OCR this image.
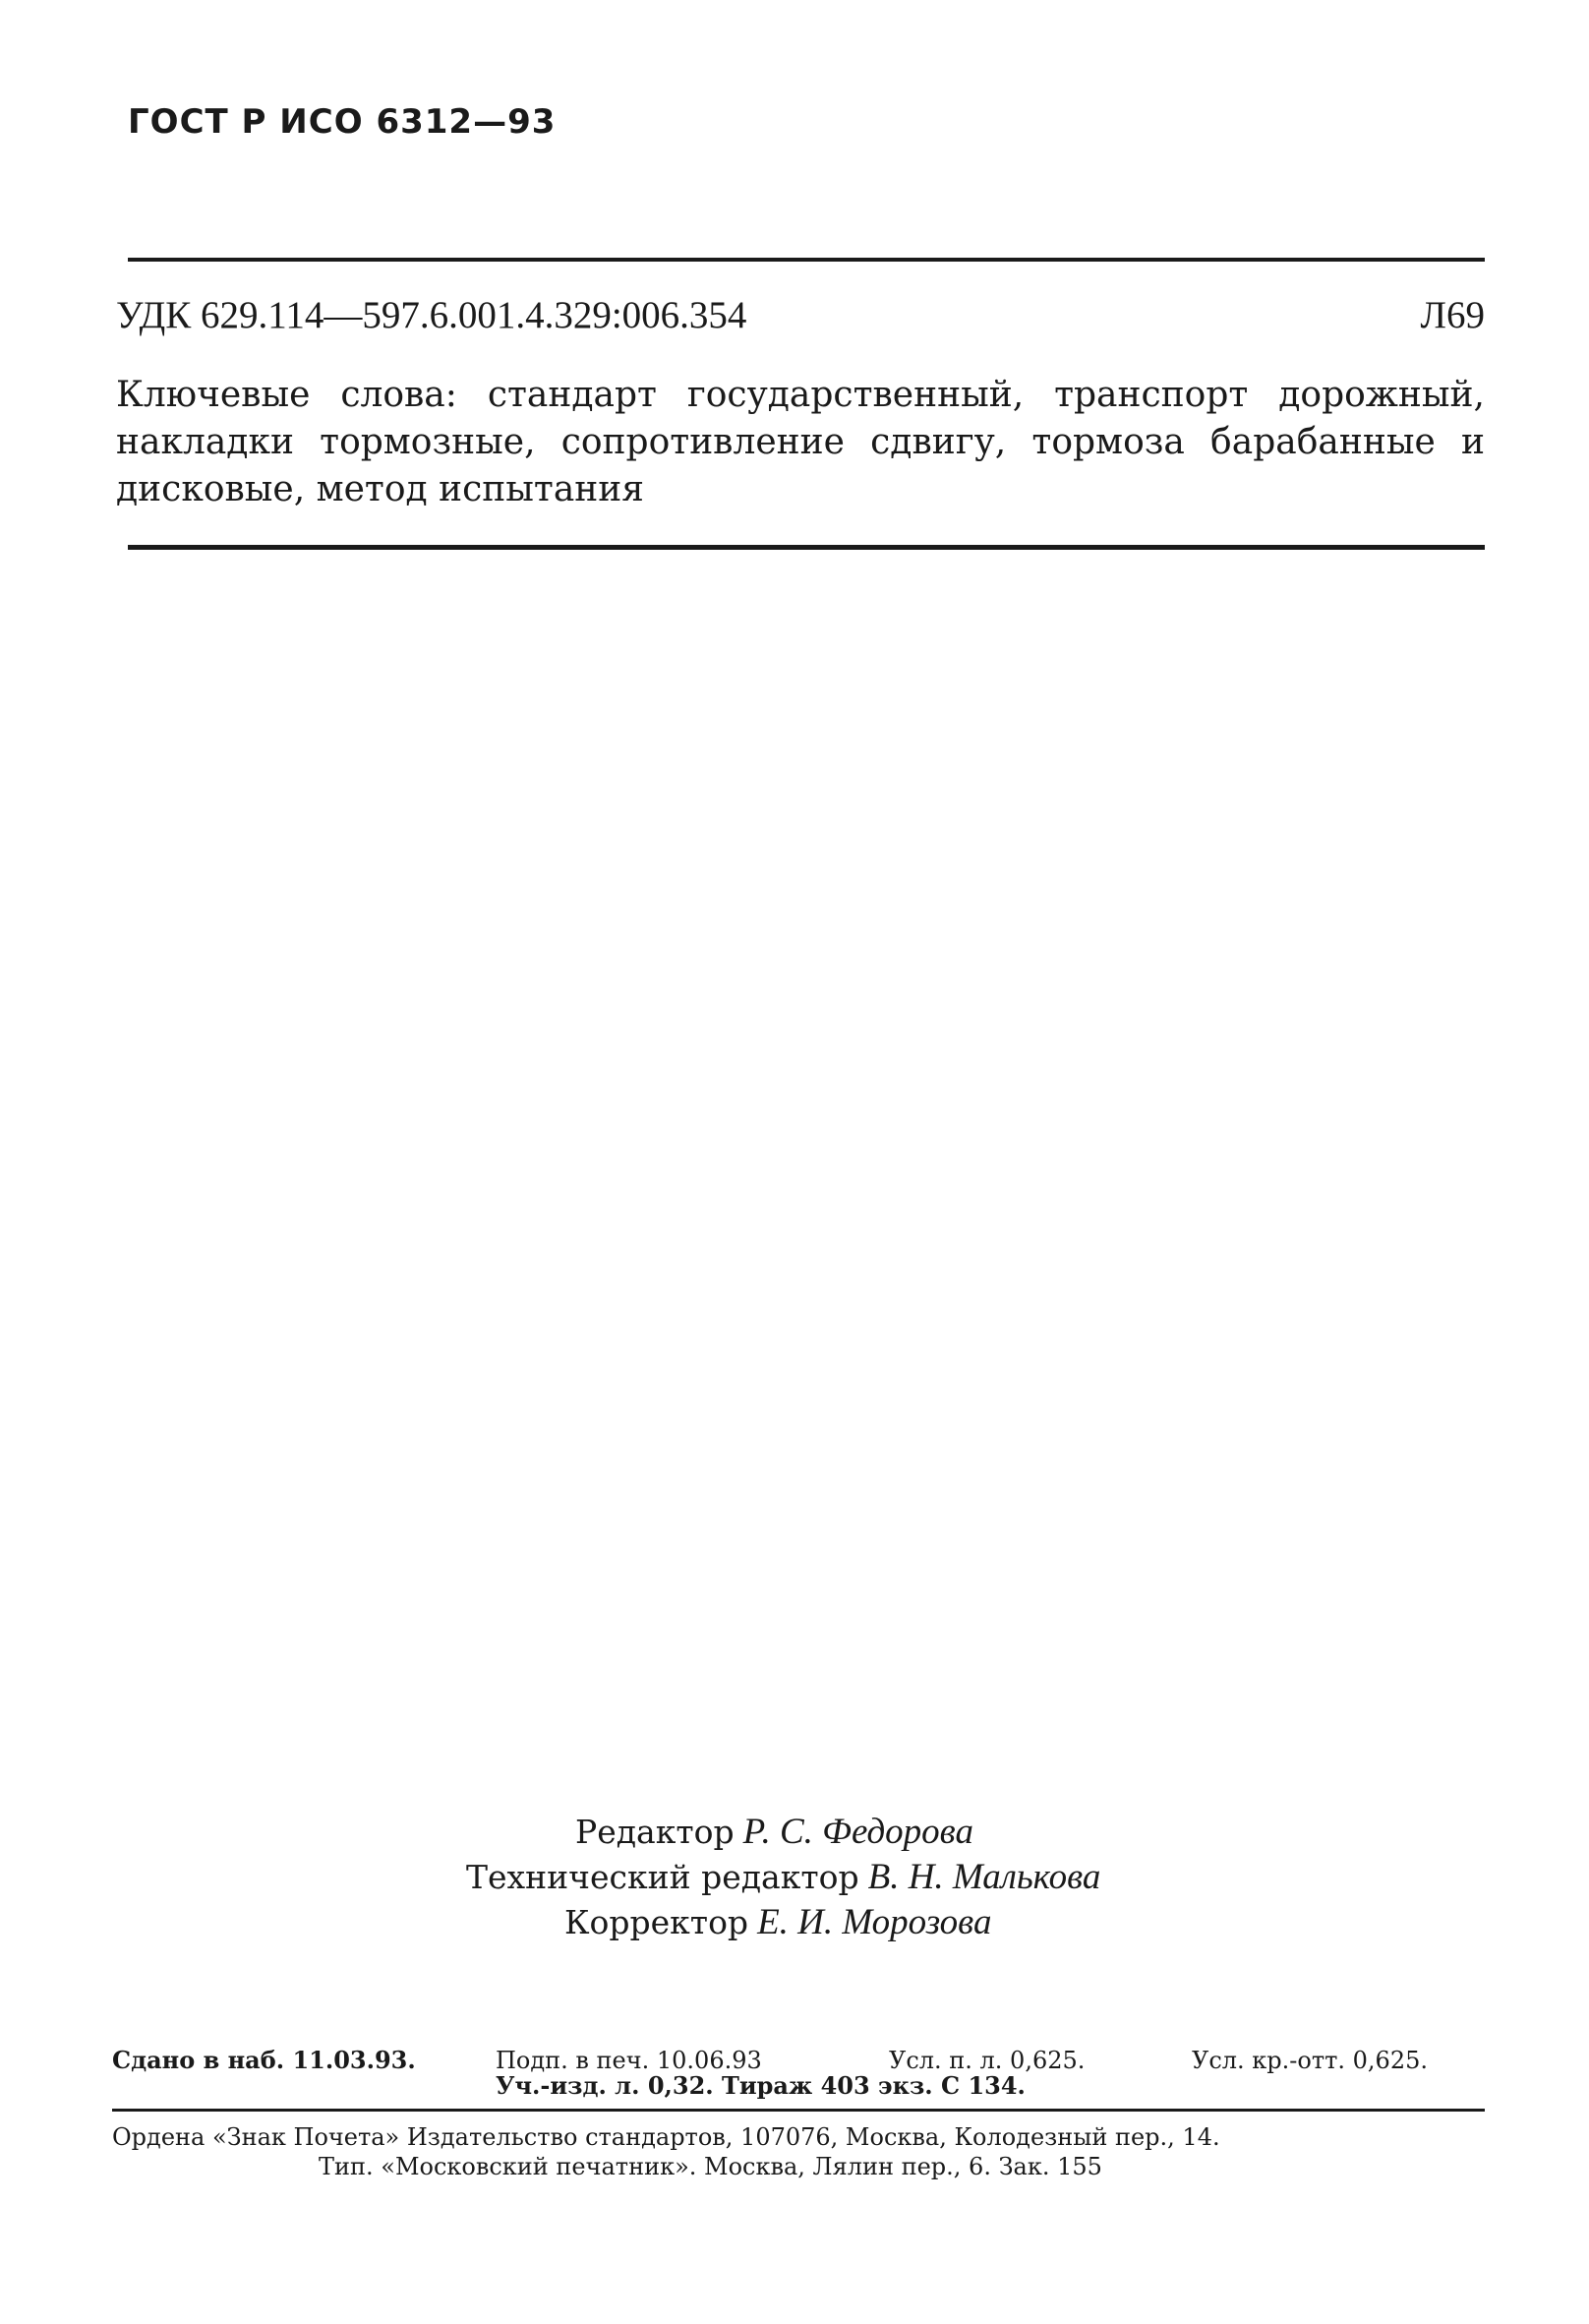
ГОСТ Р ИСО 6312—93
УДК 629.114—597.6.001.4.329:006.354	Л69
Ключевые слова: стандарт государственный, транспорт дорожный, накладки тормозные, сопротивление сдвигу, тормоза барабанные и дисковые, метод испытания
Редактор Р. С. Федорова
Технический редактор В. Н. Малькова
Корректор Е. И. Морозова
Сдано в наб. 11.03.93.	Подп. в печ. 10.06.93	Усл. п. л. 0,625.	Усл. кр.-отт. 0,625.
Уч.-изд. л. 0,32. Тираж 403 экз. С 134.
Ордена «Знак Почета» Издательство стандартов, 107076, Москва, Колодезный пер., 14.
Тип. «Московский печатник». Москва, Лялин пер., 6. Зак. 155
